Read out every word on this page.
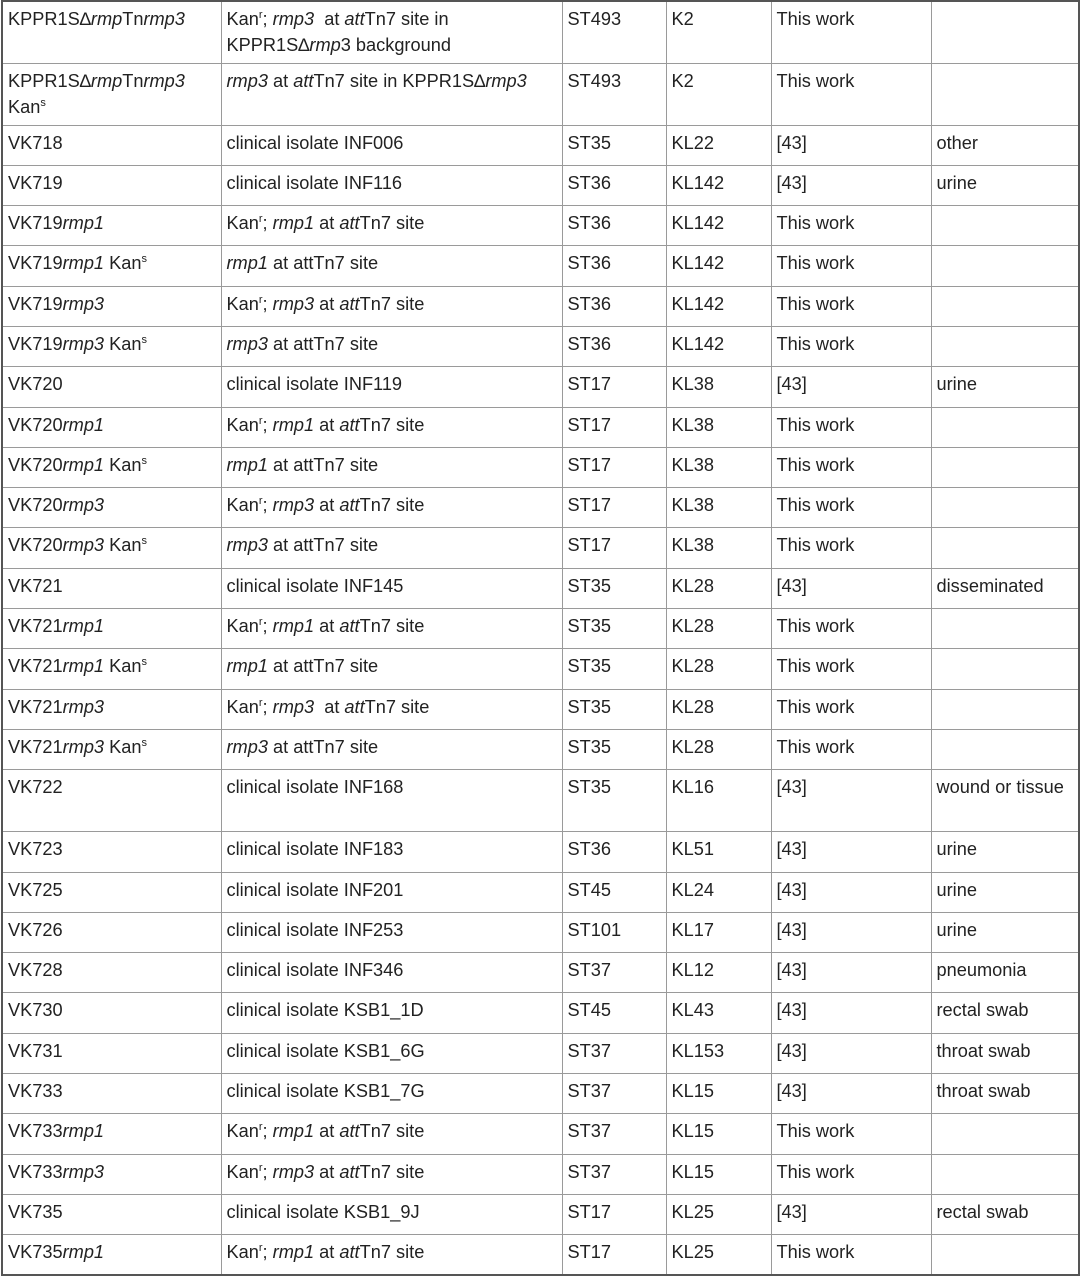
KPPR1S∆rmpTnrmp3	Kan$^r$; rmp3  at attTn7 site in KPPR1S∆rmp3 background	ST493	K2	This work	
KPPR1S∆rmpTnrmp3 Kan$^s$	rmp3 at attTn7 site in KPPR1S∆rmp3	ST493	K2	This work	
VK718	clinical isolate INF006	ST35	KL22	[43]	other
VK719	clinical isolate INF116	ST36	KL142	[43]	urine
VK719rmp1	Kan$^r$; rmp1 at attTn7 site	ST36	KL142	This work	
VK719rmp1 Kan$^s$	rmp1 at attTn7 site	ST36	KL142	This work	
VK719rmp3	Kan$^r$; rmp3 at attTn7 site	ST36	KL142	This work	
VK719rmp3 Kan$^s$	rmp3 at attTn7 site	ST36	KL142	This work	
VK720	clinical isolate INF119	ST17	KL38	[43]	urine
VK720rmp1	Kan$^r$; rmp1 at attTn7 site	ST17	KL38	This work	
VK720rmp1 Kan$^s$	rmp1 at attTn7 site	ST17	KL38	This work	
VK720rmp3	Kan$^r$; rmp3 at attTn7 site	ST17	KL38	This work	
VK720rmp3 Kan$^s$	rmp3 at attTn7 site	ST17	KL38	This work	
VK721	clinical isolate INF145	ST35	KL28	[43]	disseminated
VK721rmp1	Kan$^r$; rmp1 at attTn7 site	ST35	KL28	This work	
VK721rmp1 Kan$^s$	rmp1 at attTn7 site	ST35	KL28	This work	
VK721rmp3	Kan$^r$; rmp3  at attTn7 site	ST35	KL28	This work	
VK721rmp3 Kan$^s$	rmp3 at attTn7 site	ST35	KL28	This work	
VK722	clinical isolate INF168	ST35	KL16	[43]	wound or tissue
VK723	clinical isolate INF183	ST36	KL51	[43]	urine
VK725	clinical isolate INF201	ST45	KL24	[43]	urine
VK726	clinical isolate INF253	ST101	KL17	[43]	urine
VK728	clinical isolate INF346	ST37	KL12	[43]	pneumonia
VK730	clinical isolate KSB1_1D	ST45	KL43	[43]	rectal swab
VK731	clinical isolate KSB1_6G	ST37	KL153	[43]	throat swab
VK733	clinical isolate KSB1_7G	ST37	KL15	[43]	throat swab
VK733rmp1	Kan$^r$; rmp1 at attTn7 site	ST37	KL15	This work	
VK733rmp3	Kan$^r$; rmp3 at attTn7 site	ST37	KL15	This work	
VK735	clinical isolate KSB1_9J	ST17	KL25	[43]	rectal swab
VK735rmp1	Kan$^r$; rmp1 at attTn7 site	ST17	KL25	This work	
